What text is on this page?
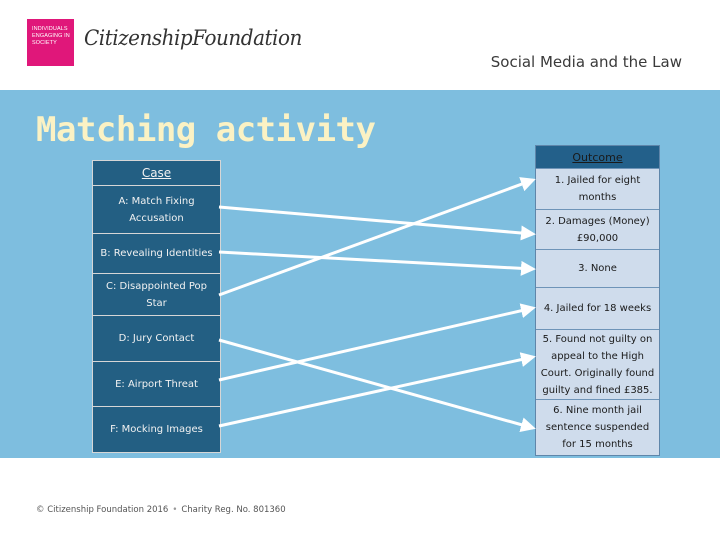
INDIVIDUALS ENGAGING IN SOCIETY	CitizenshipFoundation
Social Media and the Law
Matching activity
Case
A: Match Fixing Accusation
B: Revealing Identities
C: Disappointed Pop Star
D: Jury Contact
E: Airport Threat
F: Mocking Images
Outcome
1. Jailed for eight months
2. Damages (Money) £90,000
3. None
4. Jailed for 18 weeks
5. Found not guilty on appeal to the High Court. Originally found guilty and fined £385.
6. Nine month jail sentence suspended for 15 months
© Citizenship Foundation 2016 • Charity Reg. No. 801360
